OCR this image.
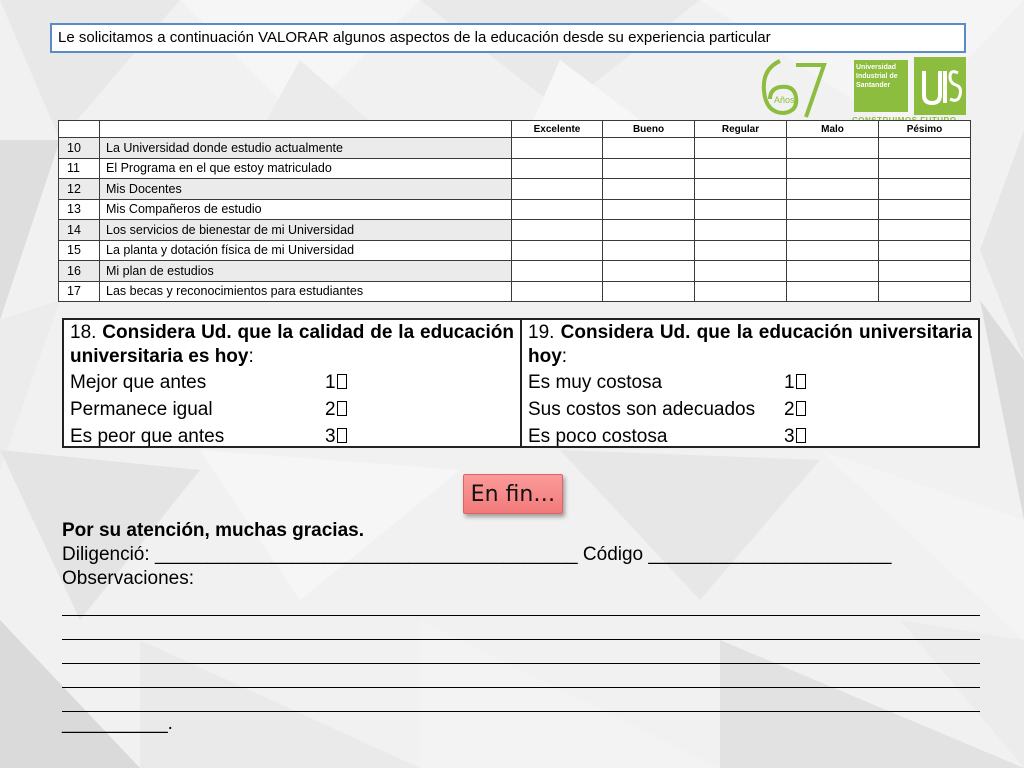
Le solicitamos a continuación VALORAR algunos aspectos de la educación desde su experiencia particular
Años
Universidad
Industrial de
Santander
		Excelente	Bueno	Regular	Malo	Pésimo
10	La Universidad donde estudio actualmente					
11	El Programa en el que estoy matriculado					
12	Mis Docentes					
13	Mis Compañeros de estudio					
14	Los servicios de bienestar de mi Universidad					
15	La planta y dotación física de mi Universidad					
16	Mi plan de estudios					
17	Las becas y reconocimientos para estudiantes					
18. Considera Ud. que la calidad de la educación universitaria es hoy:
Mejor que antes	1
Permanece igual	2
Es peor que antes	3
19. Considera Ud. que la educación universitaria hoy:
Es muy costosa	1
Sus costos son adecuados 2
Es poco costosa	3
En fin…
Por su atención, muchas gracias.
Diligenció: ________________________________________ Código _______________________
Observaciones:
__________.
